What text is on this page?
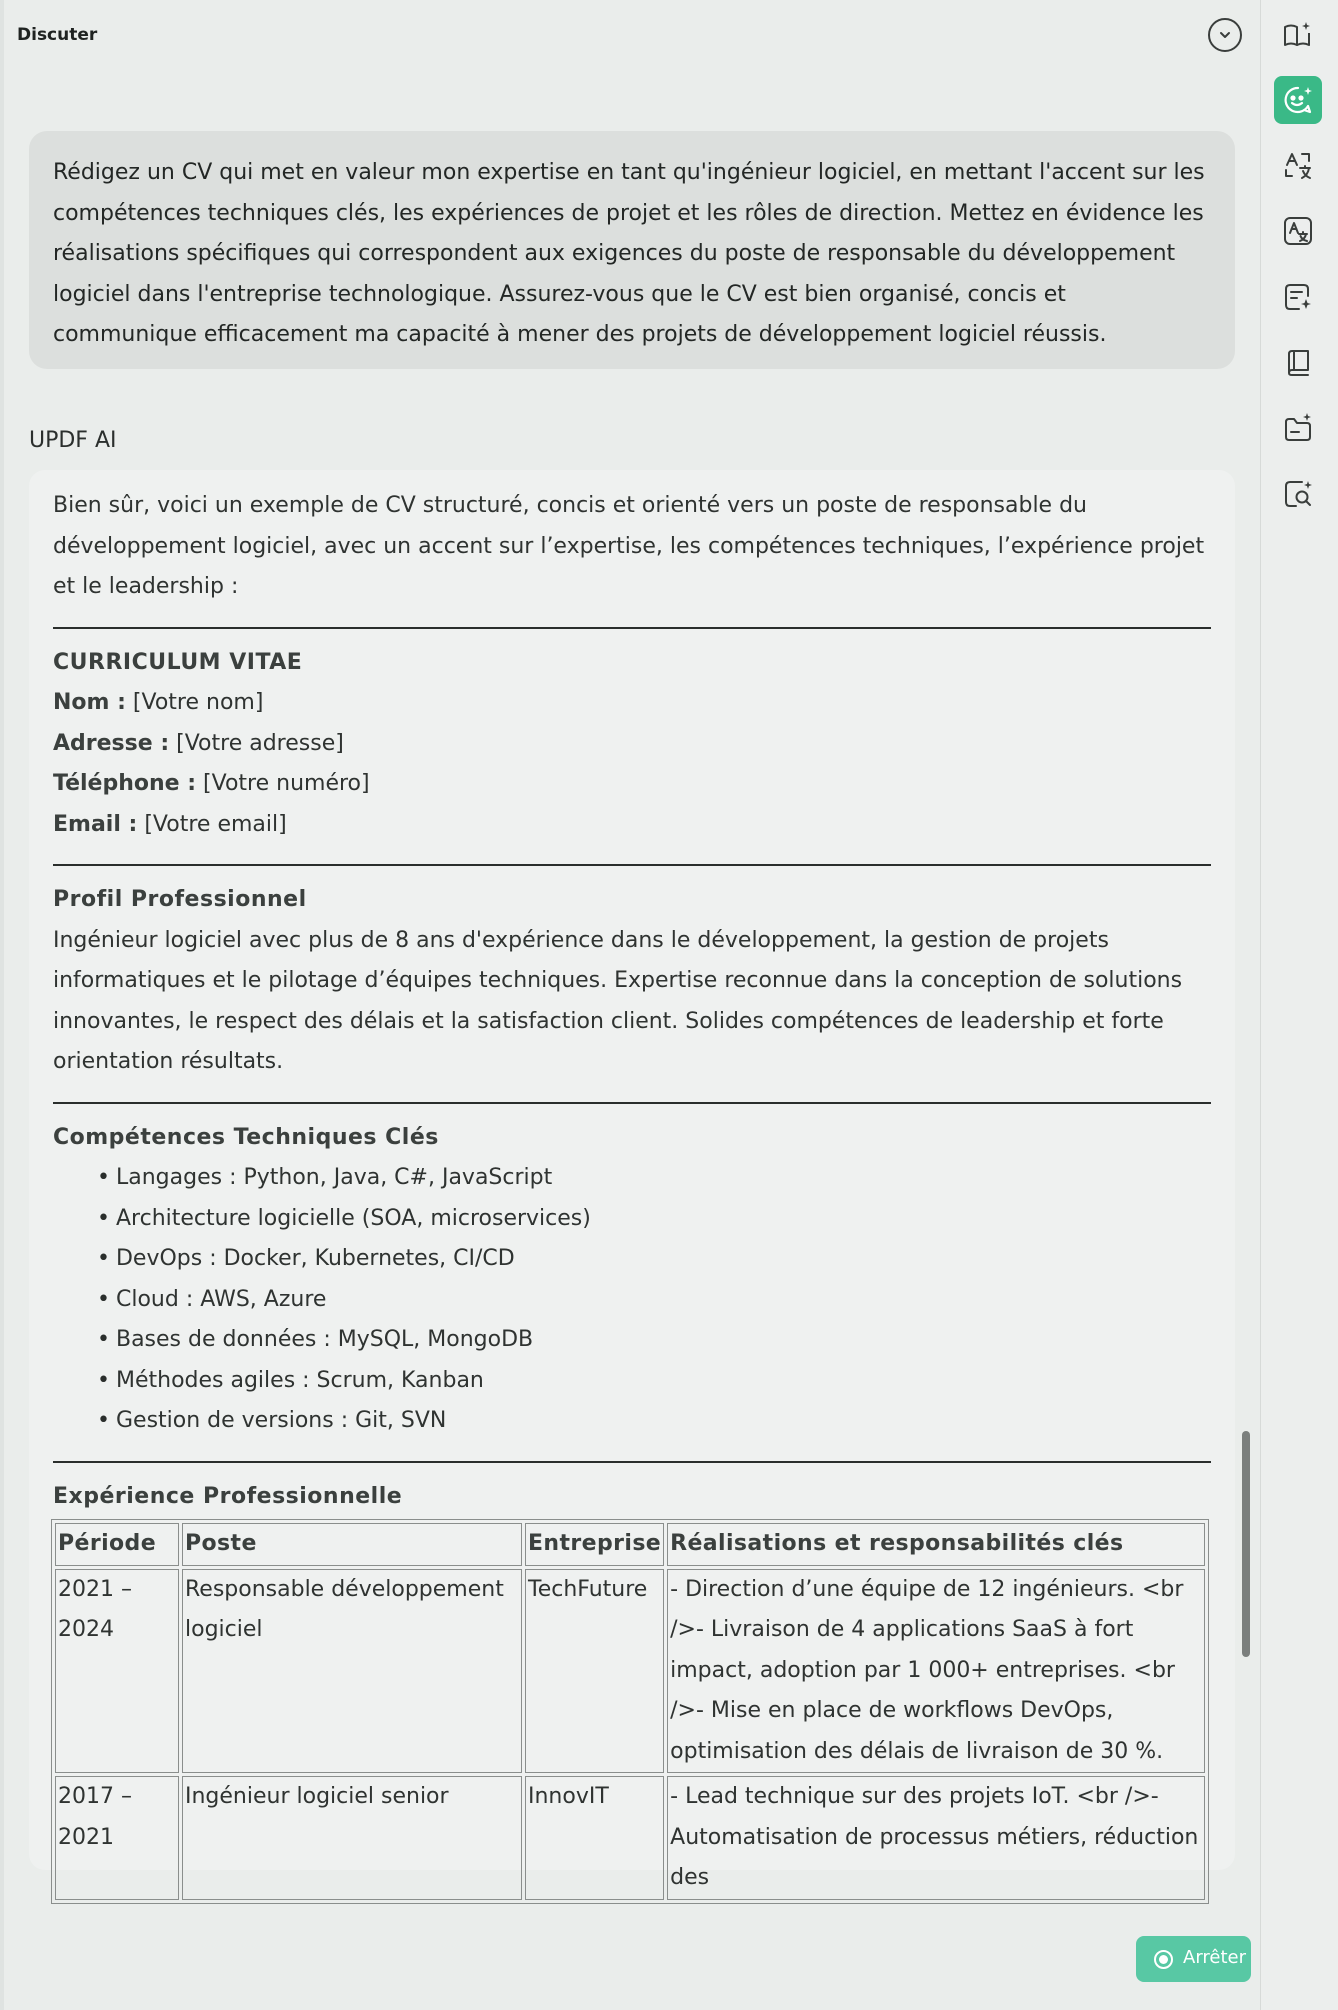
Discuter
Rédigez un CV qui met en valeur mon expertise en tant qu'ingénieur logiciel, en mettant l'accent sur les compétences techniques clés, les expériences de projet et les rôles de direction. Mettez en évidence les réalisations spécifiques qui correspondent aux exigences du poste de responsable du développement logiciel dans l'entreprise technologique. Assurez-vous que le CV est bien organisé, concis et communique efficacement ma capacité à mener des projets de développement logiciel réussis.
UPDF AI

Bien sûr, voici un exemple de CV structuré, concis et orienté vers un poste de responsable du développement logiciel, avec un accent sur l’expertise, les compétences techniques, l’expérience projet et le leadership :

CURRICULUM VITAE

Nom : [Votre nom]

Adresse : [Votre adresse]

Téléphone : [Votre numéro]

Email : [Votre email]

Profil Professionnel

Ingénieur logiciel avec plus de 8 ans d'expérience dans le développement, la gestion de projets informatiques et le pilotage d’équipes techniques. Expertise reconnue dans la conception de solutions innovantes, le respect des délais et la satisfaction client. Solides compétences de leadership et forte orientation résultats.

Compétences Techniques Clés
• Langages : Python, Java, C#, JavaScript
• Architecture logicielle (SOA, microservices)
• DevOps : Docker, Kubernetes, CI/CD
• Cloud : AWS, Azure
• Bases de données : MySQL, MongoDB
• Méthodes agiles : Scrum, Kanban
• Gestion de versions : Git, SVN
Expérience Professionnelle
Période	Poste	Entreprise	Réalisations et responsabilités clés
2021 – 2024	Responsable développement logiciel	TechFuture	- Direction d’une équipe de 12 ingénieurs. <br />- Livraison de 4 applications SaaS à fort impact, adoption par 1 000+ entreprises. <br />- Mise en place de workflows DevOps, optimisation des délais de livraison de 30 %.
2017 – 2021	Ingénieur logiciel senior	InnovIT	- Lead technique sur des projets IoT. <br />- Automatisation de processus métiers, réduction des
Arrêter
